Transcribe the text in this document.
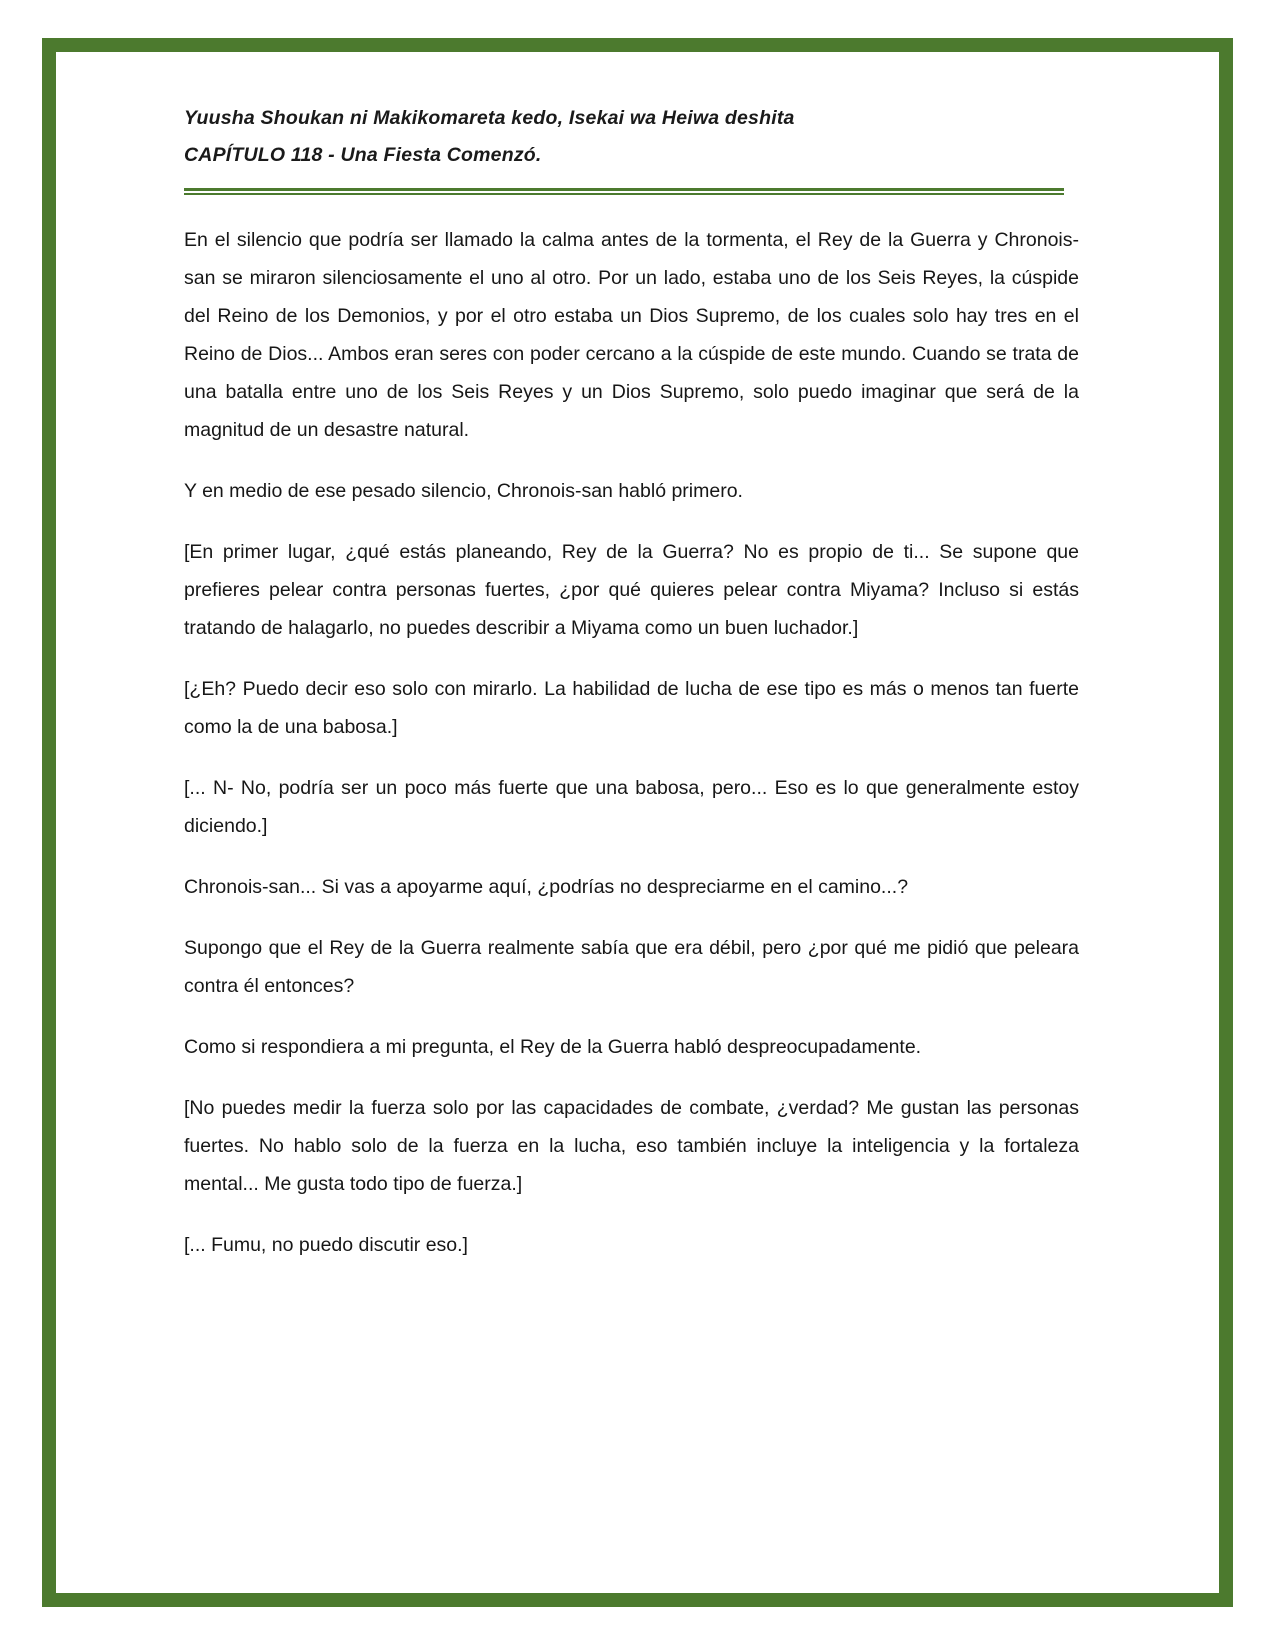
Yuusha Shoukan ni Makikomareta kedo, Isekai wa Heiwa deshita
CAPÍTULO 118 - Una Fiesta Comenzó.

En el silencio que podría ser llamado la calma antes de la tormenta, el Rey de la Guerra y Chronois-san se miraron silenciosamente el uno al otro. Por un lado, estaba uno de los Seis Reyes, la cúspide del Reino de los Demonios, y por el otro estaba un Dios Supremo, de los cuales solo hay tres en el Reino de Dios... Ambos eran seres con poder cercano a la cúspide de este mundo. Cuando se trata de una batalla entre uno de los Seis Reyes y un Dios Supremo, solo puedo imaginar que será de la magnitud de un desastre natural.

Y en medio de ese pesado silencio, Chronois-san habló primero.

[En primer lugar, ¿qué estás planeando, Rey de la Guerra? No es propio de ti... Se supone que prefieres pelear contra personas fuertes, ¿por qué quieres pelear contra Miyama? Incluso si estás tratando de halagarlo, no puedes describir a Miyama como un buen luchador.]

[¿Eh? Puedo decir eso solo con mirarlo. La habilidad de lucha de ese tipo es más o menos tan fuerte como la de una babosa.]

[... N- No, podría ser un poco más fuerte que una babosa, pero... Eso es lo que generalmente estoy diciendo.]

Chronois-san... Si vas a apoyarme aquí, ¿podrías no despreciarme en el camino...?

Supongo que el Rey de la Guerra realmente sabía que era débil, pero ¿por qué me pidió que peleara contra él entonces?

Como si respondiera a mi pregunta, el Rey de la Guerra habló despreocupadamente.

[No puedes medir la fuerza solo por las capacidades de combate, ¿verdad? Me gustan las personas fuertes. No hablo solo de la fuerza en la lucha, eso también incluye la inteligencia y la fortaleza mental... Me gusta todo tipo de fuerza.]

[... Fumu, no puedo discutir eso.]
